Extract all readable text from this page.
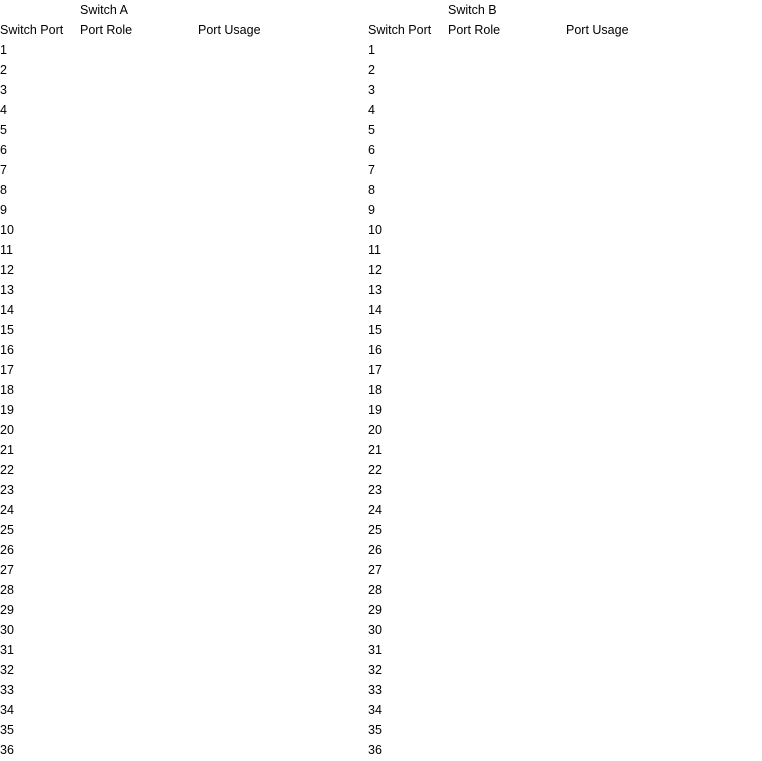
	Switch A			Switch B	
Switch Port	Port Role	Port Usage	Switch Port	Port Role	Port Usage
1			1		
2			2		
3			3		
4			4		
5			5		
6			6		
7			7		
8			8		
9			9		
10			10		
11			11		
12			12		
13			13		
14			14		
15			15		
16			16		
17			17		
18			18		
19			19		
20			20		
21			21		
22			22		
23			23		
24			24		
25			25		
26			26		
27			27		
28			28		
29			29		
30			30		
31			31		
32			32		
33			33		
34			34		
35			35		
36			36		
